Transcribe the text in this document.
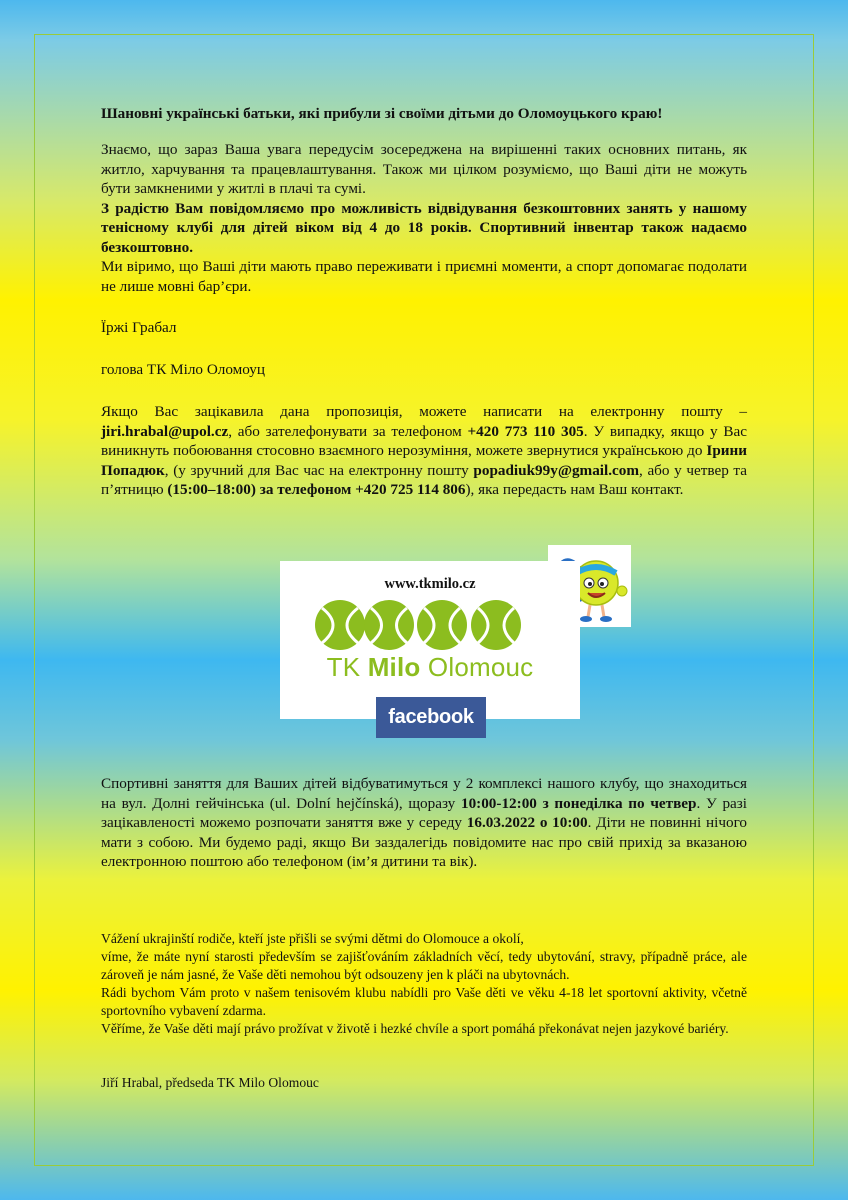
Шановні українські батьки, які прибули зі своїми дітьми до Оломоуцького краю!

Знаємо, що зараз Ваша увага передусім зосереджена на вирішенні таких основних питань, як житло, харчування та працевлаштування. Також ми цілком розуміємо, що Ваші діти не можуть бути замкненими у житлі в плачі та сумі.

З радістю Вам повідомляємо про можливість відвідування безкоштовних занять у нашому тенісному клубі для дітей віком від 4 до 18 років. Спортивний інвентар також надаємо безкоштовно.

Ми віримо, що Ваші діти мають право переживати і приємні моменти, а спорт допомагає подолати не лише мовні бар’єри.

Їржі Грабал

голова ТК Міло Оломоуц

Якщо Вас зацікавила дана пропозиція, можете написати на електронну пошту – jiri.hrabal@upol.cz, або зателефонувати за телефоном +420 773 110 305. У випадку, якщо у Вас виникнуть побоювання стосовно взаємного нерозуміння, можете звернутися українською до Ірини Попадюк, (у зручний для Вас час на електронну пошту popadiuk99y@gmail.com, або у четвер та п’ятницю (15:00–18:00) за телефоном +420 725 114 806), яка передасть нам Ваш контакт.

www.tkmilo.cz
TK Milo Olomouc
facebook

Спортивні заняття для Ваших дітей відбуватимуться у 2 комплексі нашого клубу, що знаходиться на вул. Долні гейчінська (ul. Dolní hejčínská), щоразу 10:00-12:00 з понеділка по четвер. У разі зацікавленості можемо розпочати заняття вже у середу 16.03.2022 о 10:00. Діти не повинні нічого мати з собою. Ми будемо раді, якщо Ви заздалегідь повідомите нас про свій прихід за вказаною електронною поштою або телефоном (ім’я дитини та вік).

Vážení ukrajinští rodiče, kteří jste přišli se svými dětmi do Olomouce a okolí,

víme, že máte nyní starosti především se zajišťováním základních věcí, tedy ubytování, stravy, případně práce, ale zároveň je nám jasné, že Vaše děti nemohou být odsouzeny jen k pláči na ubytovnách.

Rádi bychom Vám proto v našem tenisovém klubu nabídli pro Vaše děti ve věku 4-18 let sportovní aktivity, včetně sportovního vybavení zdarma.

Věříme, že Vaše děti mají právo prožívat v životě i hezké chvíle a sport pomáhá překonávat nejen jazykové bariéry.

Jiří Hrabal, předseda TK Milo Olomouc
